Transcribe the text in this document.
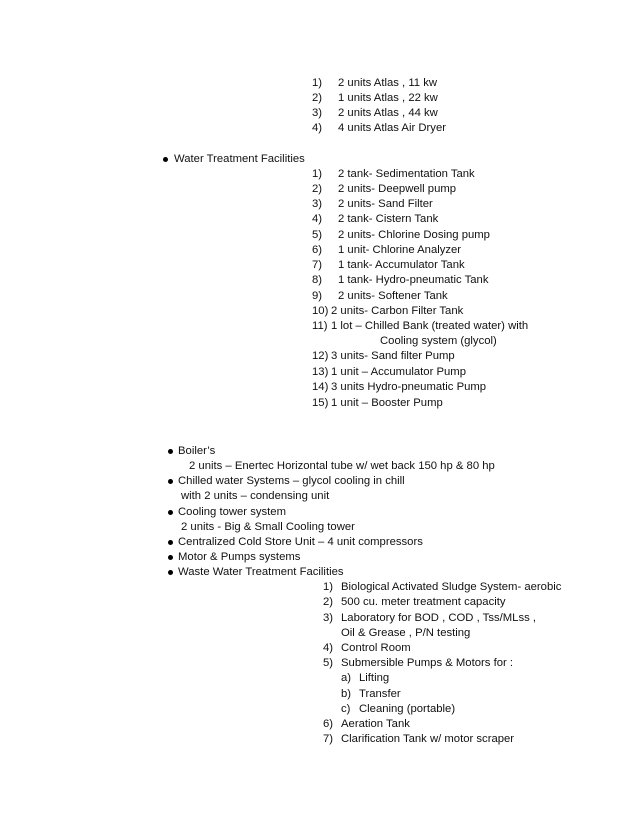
1) 2 units Atlas , 11 kw
2) 1 units Atlas , 22 kw
3) 2 units Atlas , 44 kw
4) 4 units Atlas Air Dryer
Water Treatment Facilities
1) 2 tank- Sedimentation Tank
2) 2 units- Deepwell pump
3) 2 units- Sand Filter
4) 2 tank- Cistern Tank
5) 2 units- Chlorine Dosing pump
6) 1 unit- Chlorine Analyzer
7) 1 tank- Accumulator Tank
8) 1 tank- Hydro-pneumatic Tank
9) 2 units- Softener Tank
10) 2 units- Carbon Filter Tank
11) 1 lot – Chilled Bank (treated water) with
Cooling system (glycol)
12) 3 units- Sand filter Pump
13) 1 unit – Accumulator Pump
14) 3 units Hydro-pneumatic Pump
15) 1 unit – Booster Pump
Boiler’s
2 units – Enertec Horizontal tube w/ wet back 150 hp & 80 hp
Chilled water Systems – glycol cooling in chill
with 2 units – condensing unit
Cooling tower system
2 units - Big & Small Cooling tower
Centralized Cold Store Unit – 4 unit compressors
Motor & Pumps systems
Waste Water Treatment Facilities
1) Biological Activated Sludge System- aerobic
2) 500 cu. meter treatment capacity
3) Laboratory for BOD , COD , Tss/MLss ,
Oil & Grease , P/N testing
4) Control Room
5) Submersible Pumps & Motors for :
a) Lifting
b) Transfer
c) Cleaning (portable)
6) Aeration Tank
7) Clarification Tank w/ motor scraper
